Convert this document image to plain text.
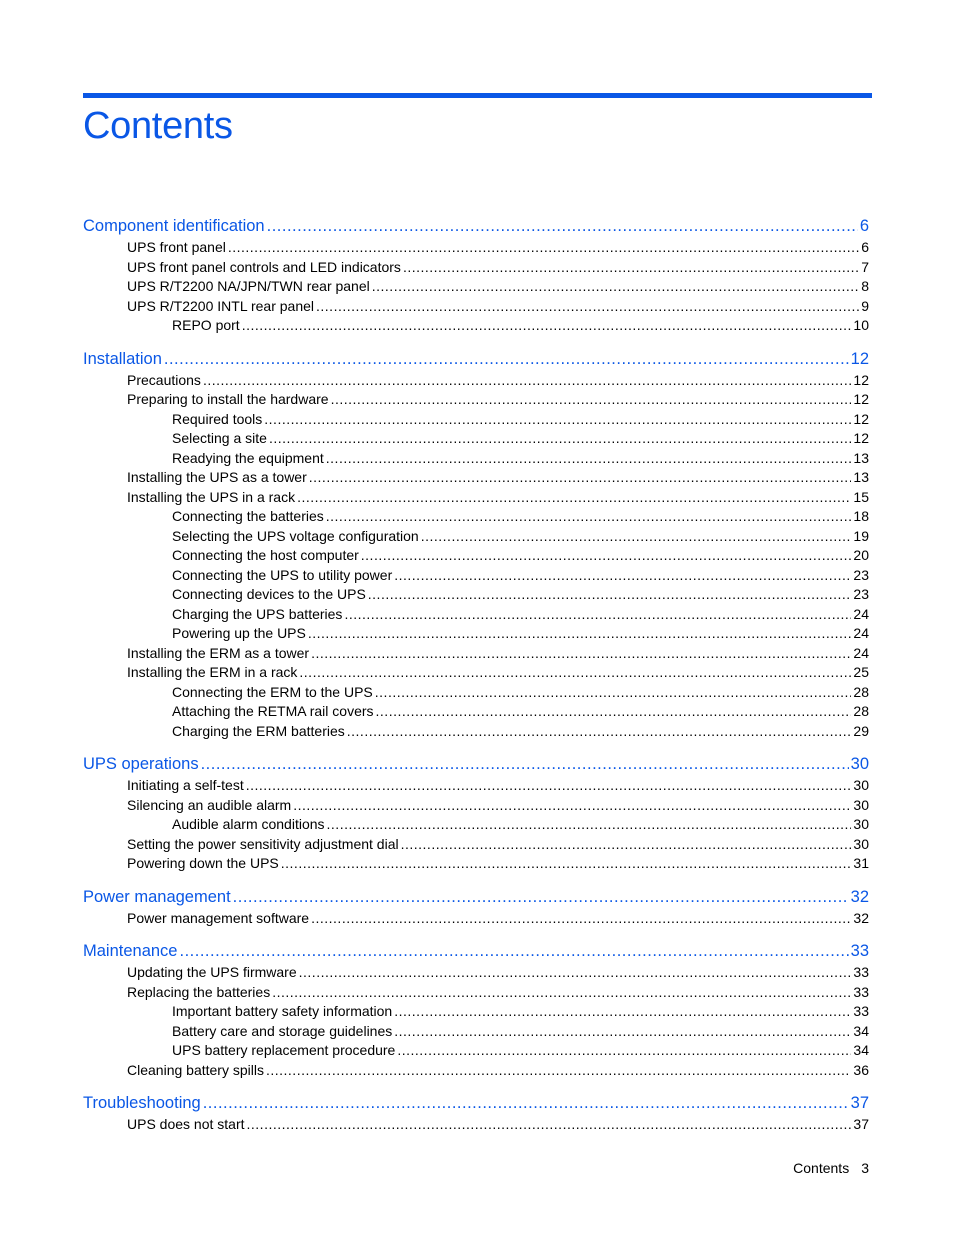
Contents
Component identification .....	6
UPS front panel .....	6
UPS front panel controls and LED indicators .....	7
UPS R/T2200 NA/JPN/TWN rear panel .....	8
UPS R/T2200 INTL rear panel .....	9
REPO port .....	10
Installation .....	12
Precautions .....	12
Preparing to install the hardware .....	12
Required tools .....	12
Selecting a site .....	12
Readying the equipment .....	13
Installing the UPS as a tower .....	13
Installing the UPS in a rack .....	15
Connecting the batteries .....	18
Selecting the UPS voltage configuration .....	19
Connecting the host computer .....	20
Connecting the UPS to utility power .....	23
Connecting devices to the UPS .....	23
Charging the UPS batteries .....	24
Powering up the UPS .....	24
Installing the ERM as a tower .....	24
Installing the ERM in a rack .....	25
Connecting the ERM to the UPS .....	28
Attaching the RETMA rail covers .....	28
Charging the ERM batteries .....	29
UPS operations .....	30
Initiating a self-test .....	30
Silencing an audible alarm .....	30
Audible alarm conditions .....	30
Setting the power sensitivity adjustment dial .....	30
Powering down the UPS .....	31
Power management .....	32
Power management software .....	32
Maintenance .....	33
Updating the UPS firmware .....	33
Replacing the batteries .....	33
Important battery safety information .....	33
Battery care and storage guidelines .....	34
UPS battery replacement procedure .....	34
Cleaning battery spills .....	36
Troubleshooting .....	37
UPS does not start .....	37
Contents 3
